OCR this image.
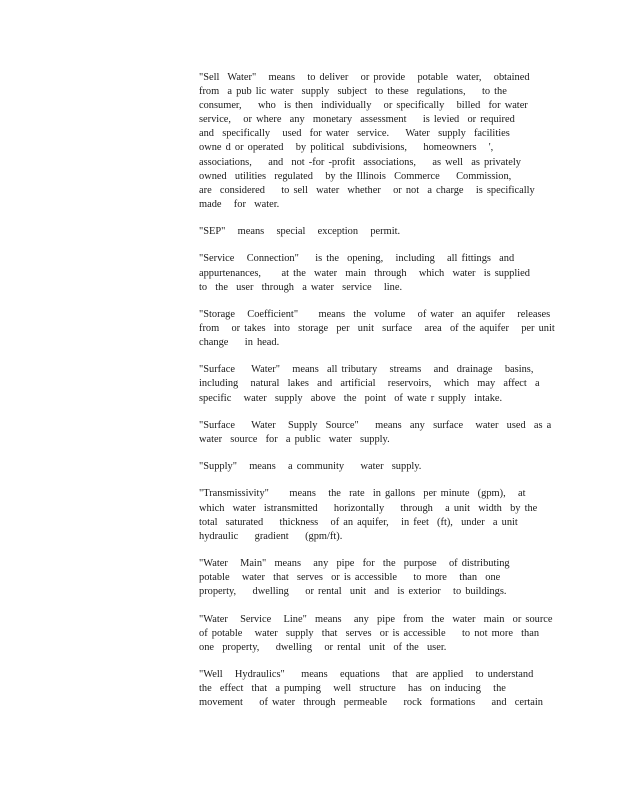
"Sell  Water"   means   to deliver   or provide   potable  water,   obtained
from  a pub lic water  supply  subject  to these  regulations,    to the
consumer,    who  is then  individually   or specifically   billed  for water
service,   or where  any  monetary  assessment    is levied  or required
and  specifically   used  for water  service.    Water  supply  facilities
owne d or operated   by political  subdivisions,    homeowners   ',
associations,    and  not -for -profit  associations,    as well  as privately
owned  utilities  regulated   by the Illinois  Commerce    Commission,
are  considered    to sell  water  whether   or not  a charge   is specifically
made   for  water.

"SEP"   means   special   exception   permit.

"Service   Connection"    is the  opening,   including   all fittings  and
appurtenances,     at the  water  main  through   which  water  is supplied
to  the  user  through  a water  service   line.

"Storage   Coefficient"     means  the  volume   of water  an aquifer   releases
from   or takes  into  storage  per  unit  surface   area  of the aquifer   per unit
change    in head.

"Surface    Water"   means  all tributary   streams   and  drainage   basins,
including   natural  lakes  and  artificial   reservoirs,   which  may  affect  a
specific   water  supply  above  the  point  of wate r supply  intake.

"Surface    Water   Supply  Source"    means  any  surface   water  used  as a
water  source  for  a public  water  supply.

"Supply"   means   a community    water  supply.

"Transmissivity"     means   the  rate  in gallons  per minute  (gpm),   at
which  water  istransmitted    horizontally    through   a unit  width  by the
total  saturated    thickness   of an aquifer,   in feet  (ft),  under  a unit
hydraulic    gradient    (gpm/ft).

"Water   Main"  means   any  pipe  for  the  purpose   of distributing
potable   water  that  serves  or is accessible    to more   than  one
property,    dwelling    or rental  unit  and  is exterior   to buildings.

"Water   Service   Line"  means   any  pipe  from  the  water  main  or source
of potable   water  supply  that  serves  or is accessible    to not more  than
one  property,    dwelling   or rental  unit  of the  user.

"Well   Hydraulics"    means   equations   that  are applied   to understand
the  effect  that  a pumping   well  structure   has  on inducing   the
movement    of water  through  permeable    rock  formations    and  certain
